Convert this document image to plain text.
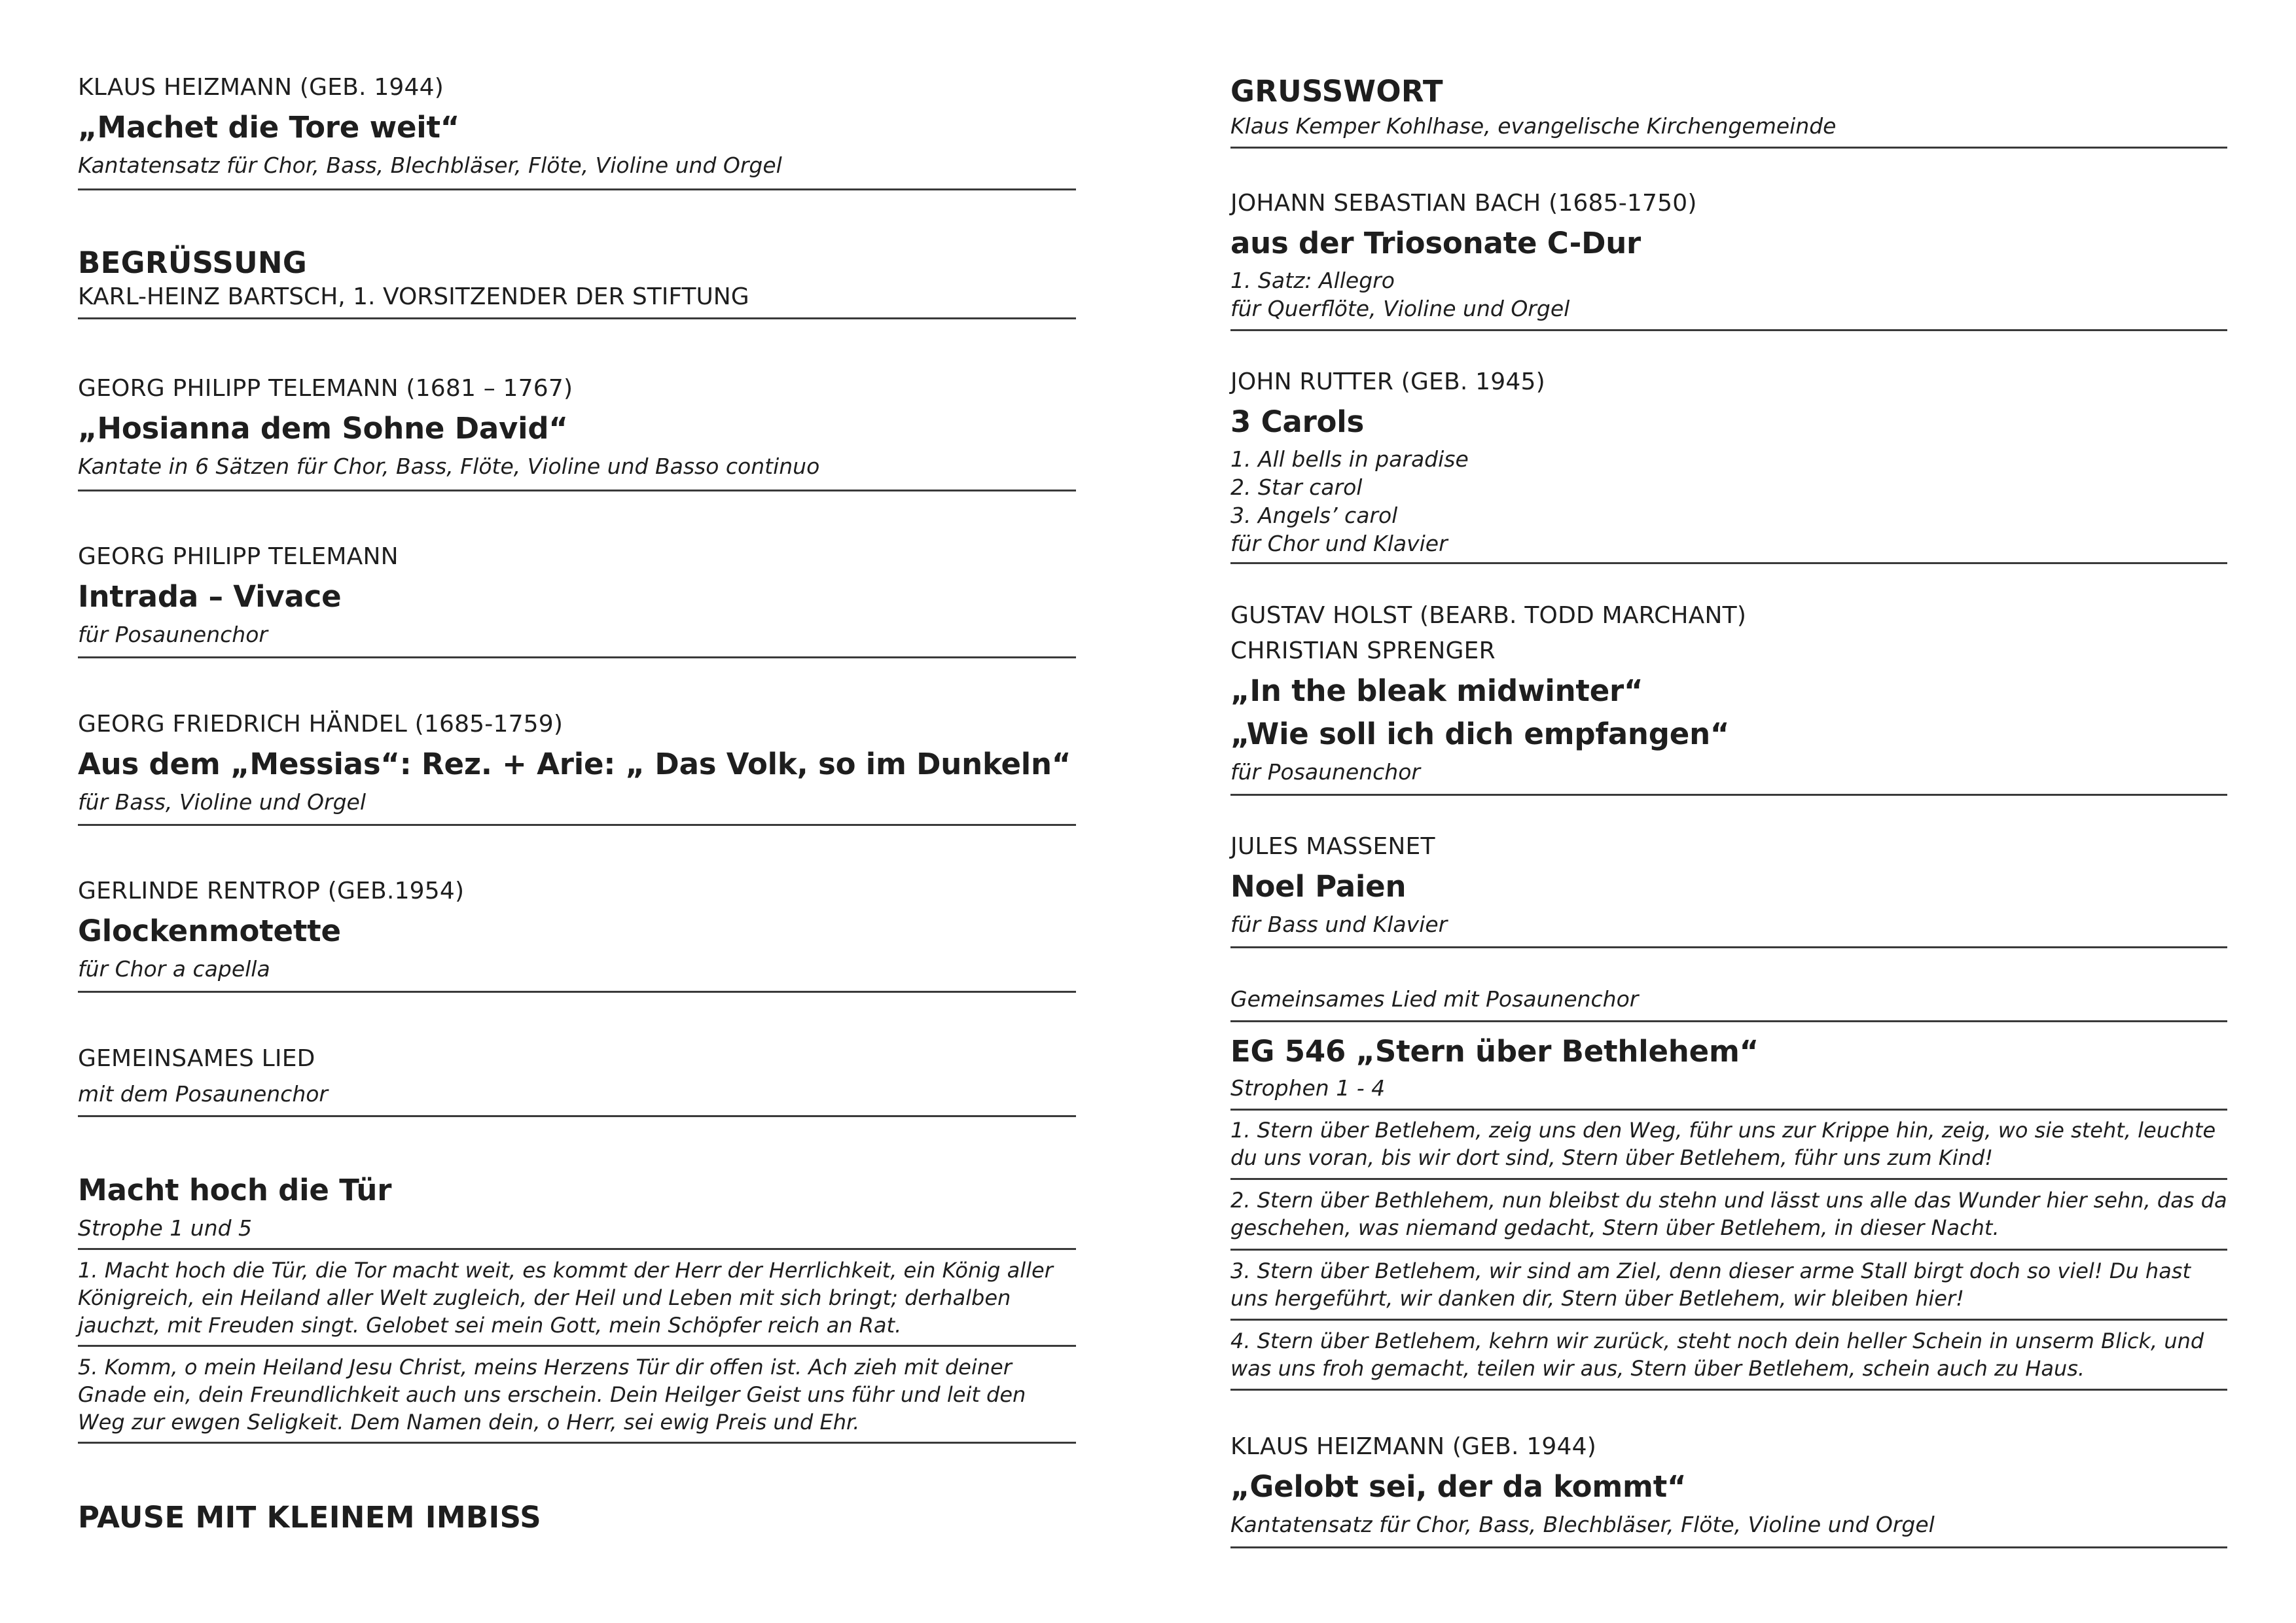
KLAUS HEIZMANN (GEB. 1944)
„Machet die Tore weit“
Kantatensatz für Chor, Bass, Blechbläser, Flöte, Violine und Orgel
BEGRÜSSUNG
KARL-HEINZ BARTSCH, 1. VORSITZENDER DER STIFTUNG
GEORG PHILIPP TELEMANN (1681 – 1767)
„Hosianna dem Sohne David“
Kantate in 6 Sätzen für Chor, Bass, Flöte, Violine und Basso continuo
GEORG PHILIPP TELEMANN
Intrada – Vivace
für Posaunenchor
GEORG FRIEDRICH HÄNDEL (1685-1759)
Aus dem „Messias“: Rez. + Arie: „ Das Volk, so im Dunkeln“
für Bass, Violine und Orgel
GERLINDE RENTROP (GEB.1954)
Glockenmotette
für Chor a capella
GEMEINSAMES LIED
mit dem Posaunenchor
Macht hoch die Tür
Strophe 1 und 5
1. Macht hoch die Tür, die Tor macht weit, es kommt der Herr der Herrlichkeit, ein König aller Königreich, ein Heiland aller Welt zugleich, der Heil und Leben mit sich bringt; derhalben jauchzt, mit Freuden singt. Gelobet sei mein Gott, mein Schöpfer reich an Rat.
5. Komm, o mein Heiland Jesu Christ, meins Herzens Tür dir offen ist. Ach zieh mit deiner Gnade ein, dein Freundlichkeit auch uns erschein. Dein Heilger Geist uns führ und leit den Weg zur ewgen Seligkeit. Dem Namen dein, o Herr, sei ewig Preis und Ehr.
PAUSE MIT KLEINEM IMBISS
GRUSSWORT
Klaus Kemper Kohlhase, evangelische Kirchengemeinde
JOHANN SEBASTIAN BACH (1685-1750)
aus der Triosonate C-Dur
1. Satz: Allegro
für Querflöte, Violine und Orgel
JOHN RUTTER (GEB. 1945)
3 Carols
1. All bells in paradise
2. Star carol
3. Angels’ carol
für Chor und Klavier
GUSTAV HOLST (BEARB. TODD MARCHANT)
CHRISTIAN SPRENGER
„In the bleak midwinter“
„Wie soll ich dich empfangen“
für Posaunenchor
JULES MASSENET
Noel Paien
für Bass und Klavier
Gemeinsames Lied mit Posaunenchor
EG 546 „Stern über Bethlehem“
Strophen 1 - 4
1. Stern über Betlehem, zeig uns den Weg, führ uns zur Krippe hin, zeig, wo sie steht, leuchte du uns voran, bis wir dort sind, Stern über Betlehem, führ uns zum Kind!
2. Stern über Bethlehem, nun bleibst du stehn und lässt uns alle das Wunder hier sehn, das da geschehen, was niemand gedacht, Stern über Betlehem, in dieser Nacht.
3. Stern über Betlehem, wir sind am Ziel, denn dieser arme Stall birgt doch so viel! Du hast uns hergeführt, wir danken dir, Stern über Betlehem, wir bleiben hier!
4. Stern über Betlehem, kehrn wir zurück, steht noch dein heller Schein in unserm Blick, und was uns froh gemacht, teilen wir aus, Stern über Betlehem, schein auch zu Haus.
KLAUS HEIZMANN (GEB. 1944)
„Gelobt sei, der da kommt“
Kantatensatz für Chor, Bass, Blechbläser, Flöte, Violine und Orgel
